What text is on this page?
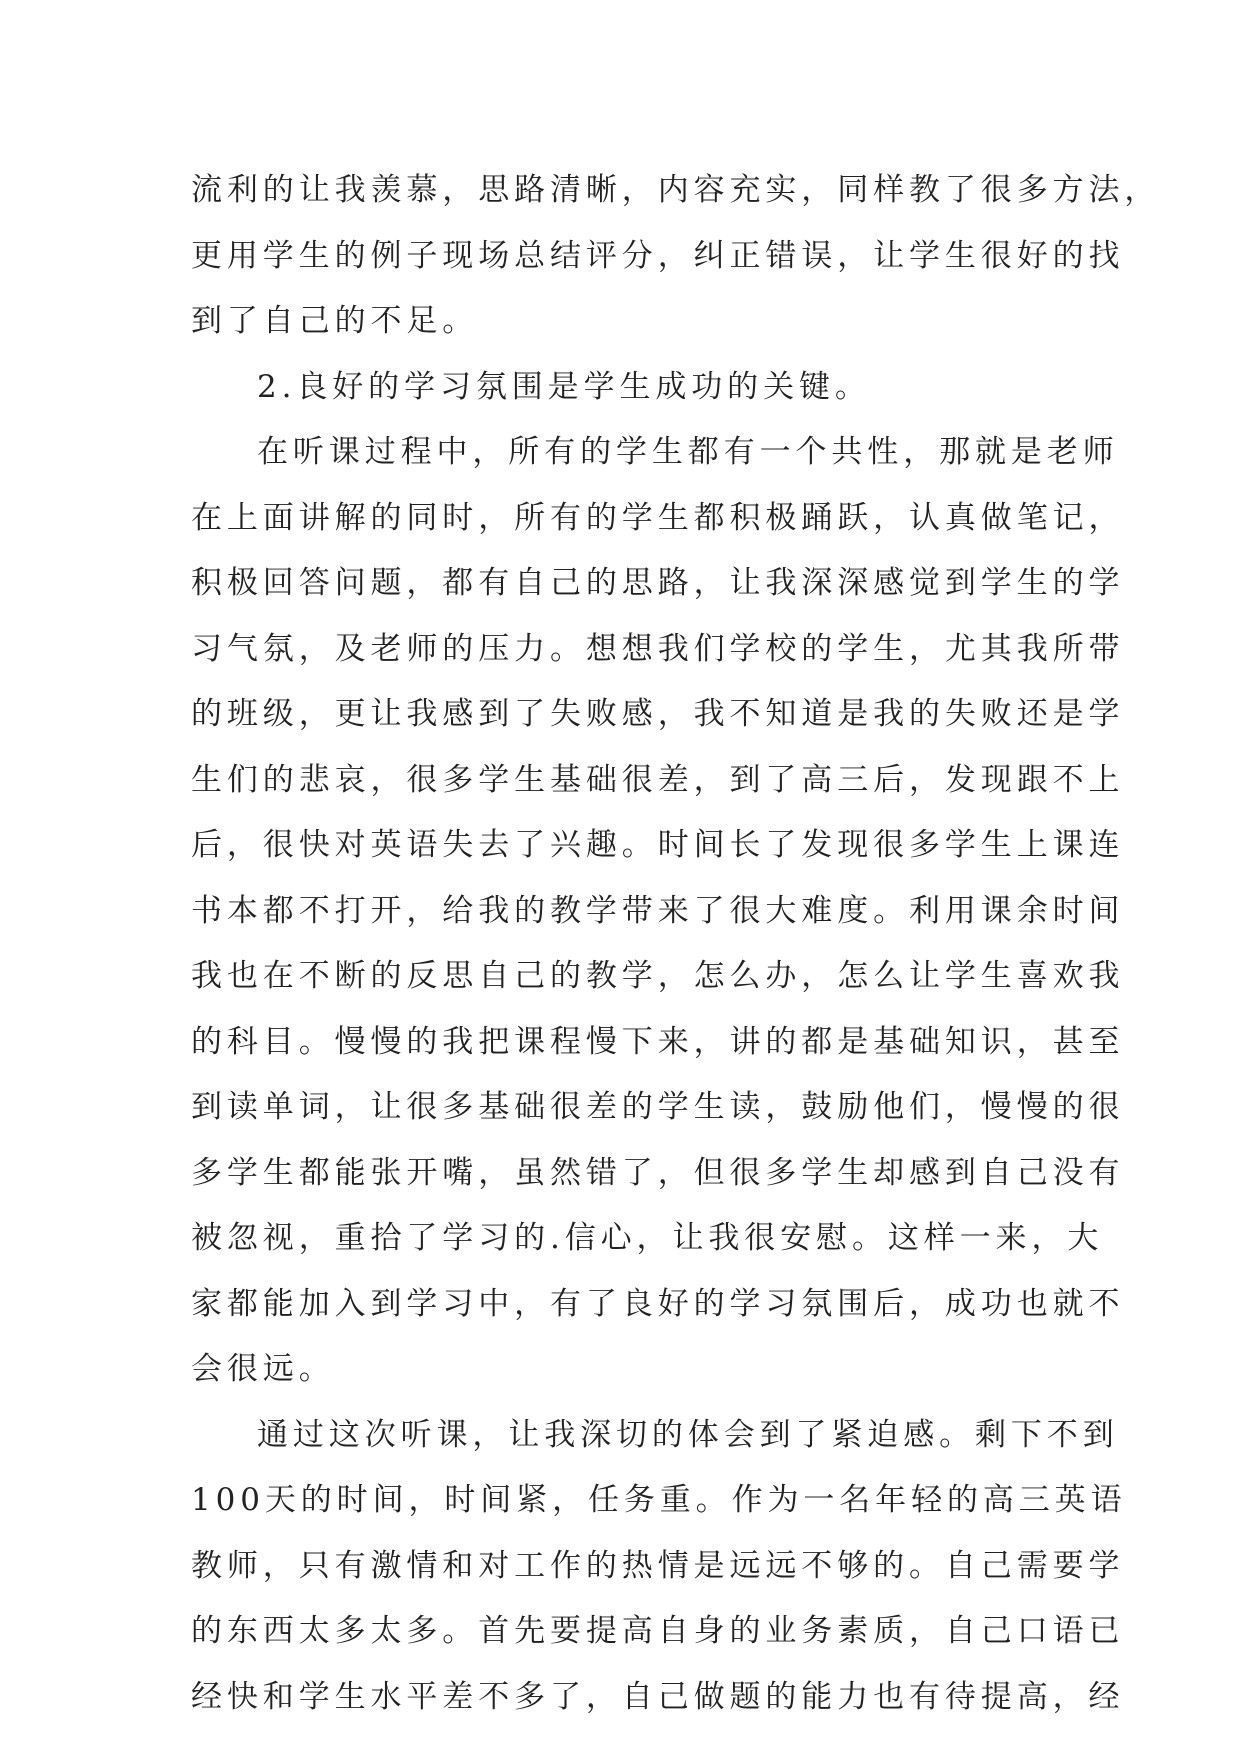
流利的让我羡慕，思路清晰，内容充实，同样教了很多方法，
更用学生的例子现场总结评分，纠正错误，让学生很好的找
到了自己的不足。
2.良好的学习氛围是学生成功的关键。
在听课过程中，所有的学生都有一个共性，那就是老师
在上面讲解的同时，所有的学生都积极踊跃，认真做笔记，
积极回答问题，都有自己的思路，让我深深感觉到学生的学
习气氛，及老师的压力。想想我们学校的学生，尤其我所带
的班级，更让我感到了失败感，我不知道是我的失败还是学
生们的悲哀，很多学生基础很差，到了高三后，发现跟不上
后，很快对英语失去了兴趣。时间长了发现很多学生上课连
书本都不打开，给我的教学带来了很大难度。利用课余时间
我也在不断的反思自己的教学，怎么办，怎么让学生喜欢我
的科目。慢慢的我把课程慢下来，讲的都是基础知识，甚至
到读单词，让很多基础很差的学生读，鼓励他们，慢慢的很
多学生都能张开嘴，虽然错了，但很多学生却感到自己没有
被忽视，重拾了学习的.信心，让我很安慰。这样一来，大
家都能加入到学习中，有了良好的学习氛围后，成功也就不
会很远。
通过这次听课，让我深切的体会到了紧迫感。剩下不到
100天的时间，时间紧，任务重。作为一名年轻的高三英语
教师，只有激情和对工作的热情是远远不够的。自己需要学
的东西太多太多。首先要提高自身的业务素质，自己口语已
经快和学生水平差不多了，自己做题的能力也有待提高，经
